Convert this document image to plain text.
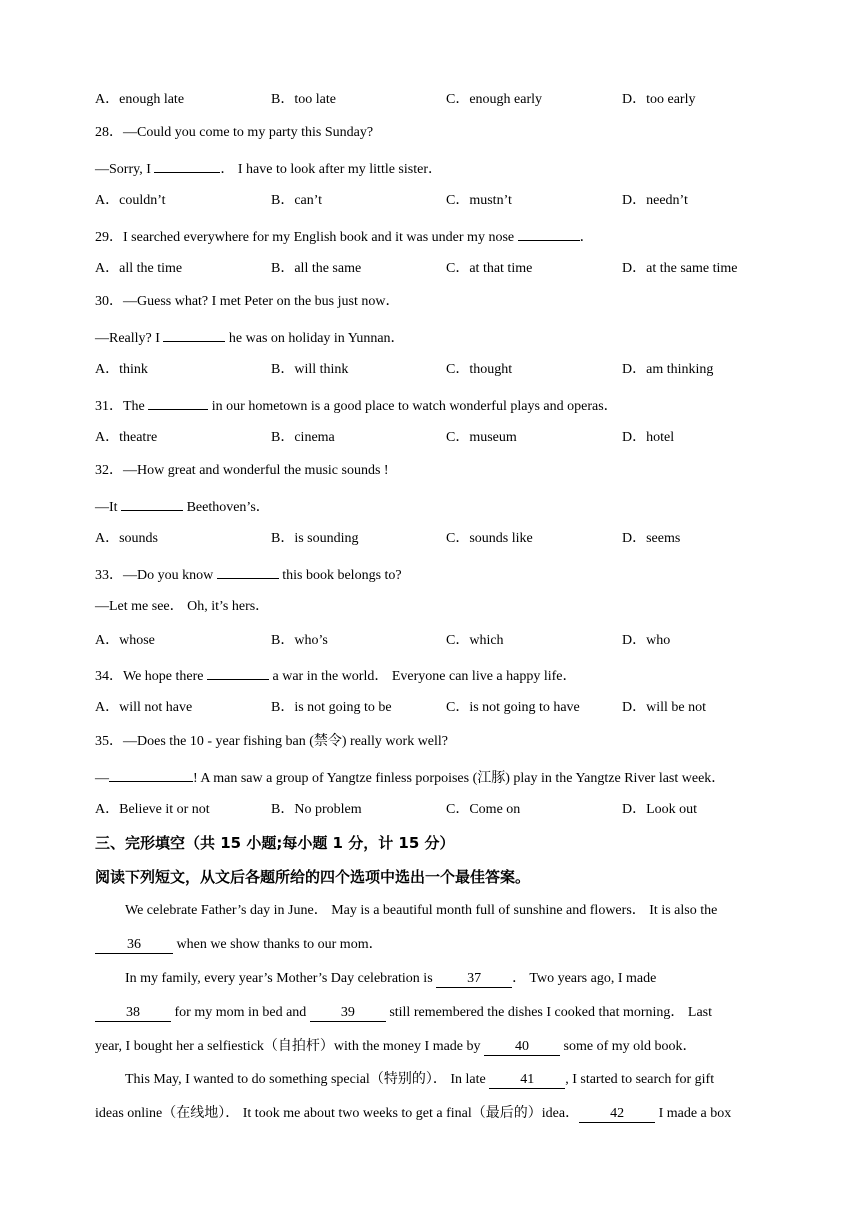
A．enough late	B．too late	C．enough early	D．too early
28．—Could you come to my party this Sunday?
—Sorry, I	． I have to look after my little sister．
A．couldn’t	B．can’t	C．mustn’t	D．needn’t
29．I searched everywhere for my English book and it was under my nose	．
A．all the time	B．all the same	C．at that time	D．at the same time
30．—Guess what? I met Peter on the bus just now．
—Really? I	he was on holiday in Yunnan．
A．think	B．will think	C．thought	D．am thinking
31．The	in our hometown is a good place to watch wonderful plays and operas．
A．theatre	B．cinema	C．museum	D．hotel
32．—How great and wonderful the music sounds !
—It	Beethoven’s．
A．sounds	B．is sounding	C．sounds like	D．seems
33．—Do you know	this book belongs to?
—Let me see． Oh, it’s hers．
A．whose	B．who’s	C．which	D．who
34．We hope there	a war in the world． Everyone can live a happy life．
A．will not have	B．is not going to be	C．is not going to have	D．will be not
35．—Does the 10 - year fishing ban (禁令) really work well?
—	! A man saw a group of Yangtze finless porpoises (江豚) play in the Yangtze River last week．
A．Believe it or not	B．No problem	C．Come on	D．Look out
三、完形填空（共 15 小题;每小题 1 分，计 15 分）
阅读下列短文，从文后各题所给的四个选项中选出一个最佳答案。
We celebrate Father’s day in June． May is a beautiful month full of sunshine and flowers． It is also the
36 when we show thanks to our mom．
In my family, every year’s Mother’s Day celebration is 37 ． Two years ago, I made
38 for my mom in bed and 39 still remembered the dishes I cooked that morning． Last
year, I bought her a selfiestick（自拍杆）with the money I made by 40 some of my old book．
This May, I wanted to do something special（特别的）． In late 41 , I started to search for gift
ideas online（在线地）． It took me about two weeks to get a final（最后的）idea． 42 I made a box
